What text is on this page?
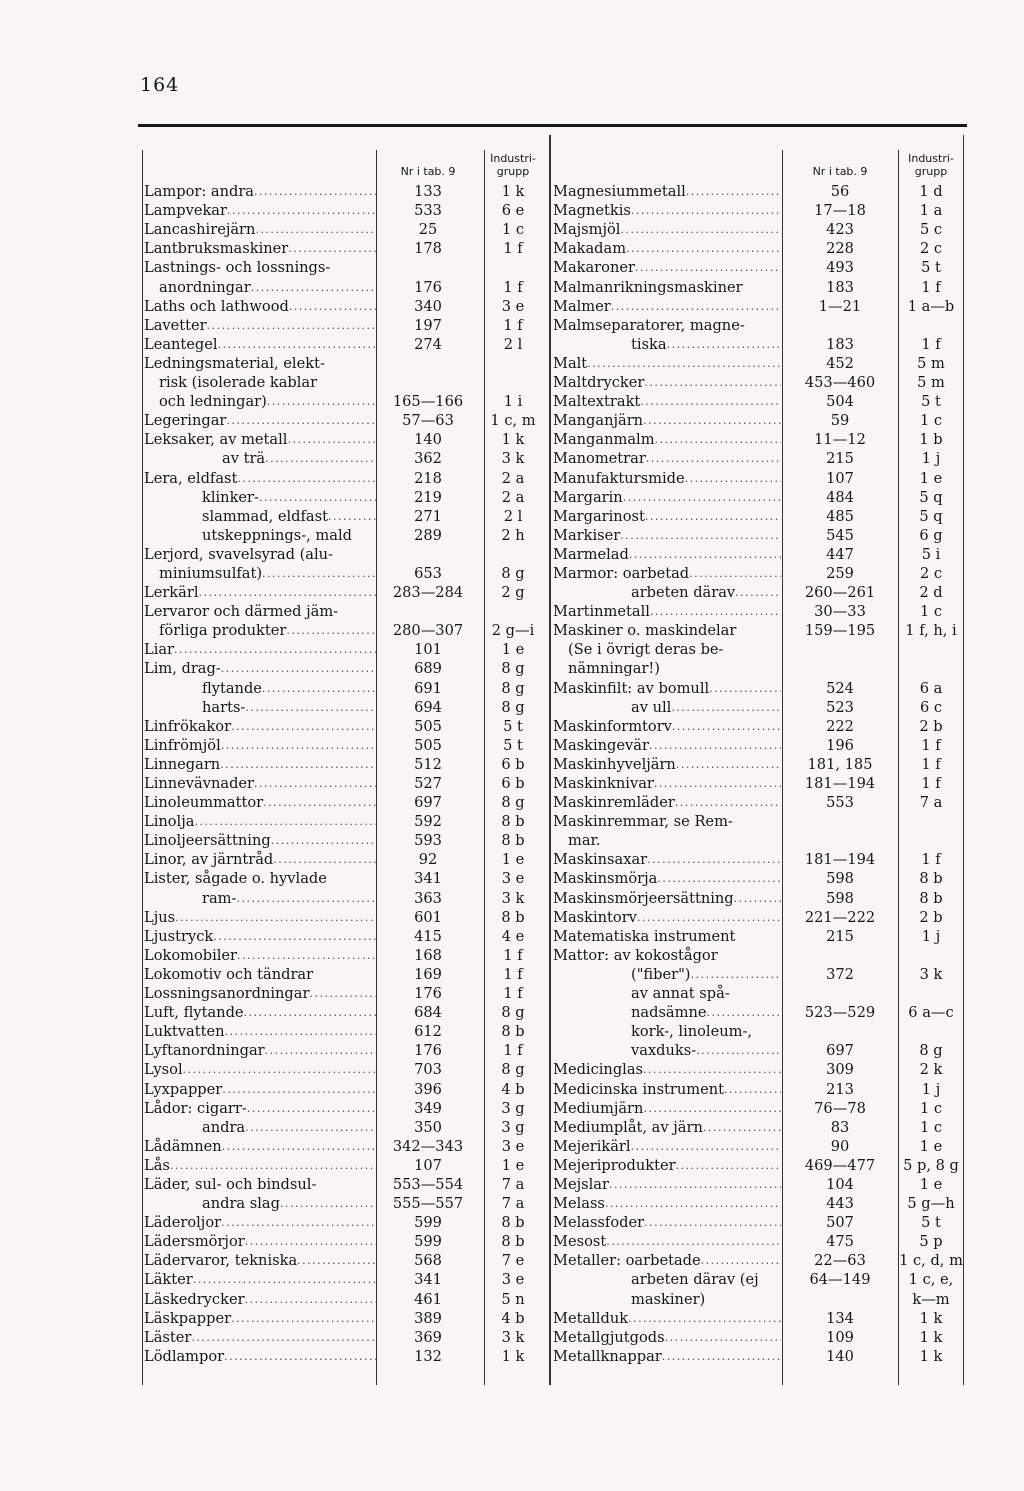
164
Nr i tab. 9
Industri-
grupp
Lampor: andra .....	133	1 k
Lampvekar .....	533	6 e
Lancashirejärn .....	25	1 c
Lantbruksmaskiner .....	178	1 f
Lastnings- och lossnings-
anordningar .....	176	1 f
Laths och lathwood .....	340	3 e
Lavetter .....	197	1 f
Leantegel .....	274	2 l
Ledningsmaterial, elekt-
risk (isolerade kablar
och ledningar) .....	165—166	1 i
Legeringar .....	57—63	1 c, m
Leksaker, av metall .....	140	1 k
av trä .....	362	3 k
Lera, eldfast .....	218	2 a
klinker- .....	219	2 a
slammad, eldfast .....	271	2 l
utskeppnings-, mald	289	2 h
Lerjord, svavelsyrad (alu-
miniumsulfat) .....	653	8 g
Lerkärl .....	283—284	2 g
Lervaror och därmed jäm-
förliga produkter .....	280—307	2 g—i
Liar .....	101	1 e
Lim, drag- .....	689	8 g
flytande .....	691	8 g
harts- .....	694	8 g
Linfrökakor .....	505	5 t
Linfrömjöl .....	505	5 t
Linnegarn .....	512	6 b
Linnevävnader .....	527	6 b
Linoleummattor .....	697	8 g
Linolja .....	592	8 b
Linoljeersättning .....	593	8 b
Linor, av järntråd .....	92	1 e
Lister, sågade o. hyvlade	341	3 e
ram- .....	363	3 k
Ljus .....	601	8 b
Ljustryck .....	415	4 e
Lokomobiler .....	168	1 f
Lokomotiv och tändrar	169	1 f
Lossningsanordningar .....	176	1 f
Luft, flytande .....	684	8 g
Luktvatten .....	612	8 b
Lyftanordningar .....	176	1 f
Lysol .....	703	8 g
Lyxpapper .....	396	4 b
Lådor: cigarr- .....	349	3 g
andra .....	350	3 g
Lådämnen .....	342—343	3 e
Lås .....	107	1 e
Läder, sul- och bindsul-	553—554	7 a
andra slag .....	555—557	7 a
Läderoljor .....	599	8 b
Lädersmörjor .....	599	8 b
Lädervaror, tekniska .....	568	7 e
Läkter .....	341	3 e
Läskedrycker .....	461	5 n
Läskpapper .....	389	4 b
Läster .....	369	3 k
Lödlampor .....	132	1 k
Nr i tab. 9
Industri-
grupp
Magnesiummetall .....	56	1 d
Magnetkis .....	17—18	1 a
Majsmjöl .....	423	5 c
Makadam .....	228	2 c
Makaroner .....	493	5 t
Malmanrikningsmaskiner	183	1 f
Malmer .....	1—21	1 a—b
Malmseparatorer, magne-
tiska .....	183	1 f
Malt .....	452	5 m
Maltdrycker .....	453—460	5 m
Maltextrakt .....	504	5 t
Manganjärn .....	59	1 c
Manganmalm .....	11—12	1 b
Manometrar .....	215	1 j
Manufaktursmide .....	107	1 e
Margarin .....	484	5 q
Margarinost .....	485	5 q
Markiser .....	545	6 g
Marmelad .....	447	5 i
Marmor: oarbetad .....	259	2 c
arbeten därav .....	260—261	2 d
Martinmetall .....	30—33	1 c
Maskiner o. maskindelar	159—195	1 f, h, i
(Se i övrigt deras be-
nämningar!)
Maskinfilt: av bomull .....	524	6 a
av ull .....	523	6 c
Maskinformtorv .....	222	2 b
Maskingevär .....	196	1 f
Maskinhyveljärn .....	181, 185	1 f
Maskinknivar .....	181—194	1 f
Maskinremläder .....	553	7 a
Maskinremmar, se Rem-
mar.
Maskinsaxar .....	181—194	1 f
Maskinsmörja .....	598	8 b
Maskinsmörjeersättning .....	598	8 b
Maskintorv .....	221—222	2 b
Matematiska instrument	215	1 j
Mattor: av kokostågor
("fiber") .....	372	3 k
av annat spå-
nadsämne .....	523—529	6 a—c
kork-, linoleum-,
vaxduks- .....	697	8 g
Medicinglas .....	309	2 k
Medicinska instrument .....	213	1 j
Mediumjärn .....	76—78	1 c
Mediumplåt, av järn .....	83	1 c
Mejerikärl .....	90	1 e
Mejeriprodukter .....	469—477	5 p, 8 g
Mejslar .....	104	1 e
Melass .....	443	5 g—h
Melassfoder .....	507	5 t
Mesost .....	475	5 p
Metaller: oarbetade .....	22—63	1 c, d, m
arbeten därav (ej	64—149	1 c, e,
maskiner)	k—m
Metallduk .....	134	1 k
Metallgjutgods .....	109	1 k
Metallknappar .....	140	1 k
